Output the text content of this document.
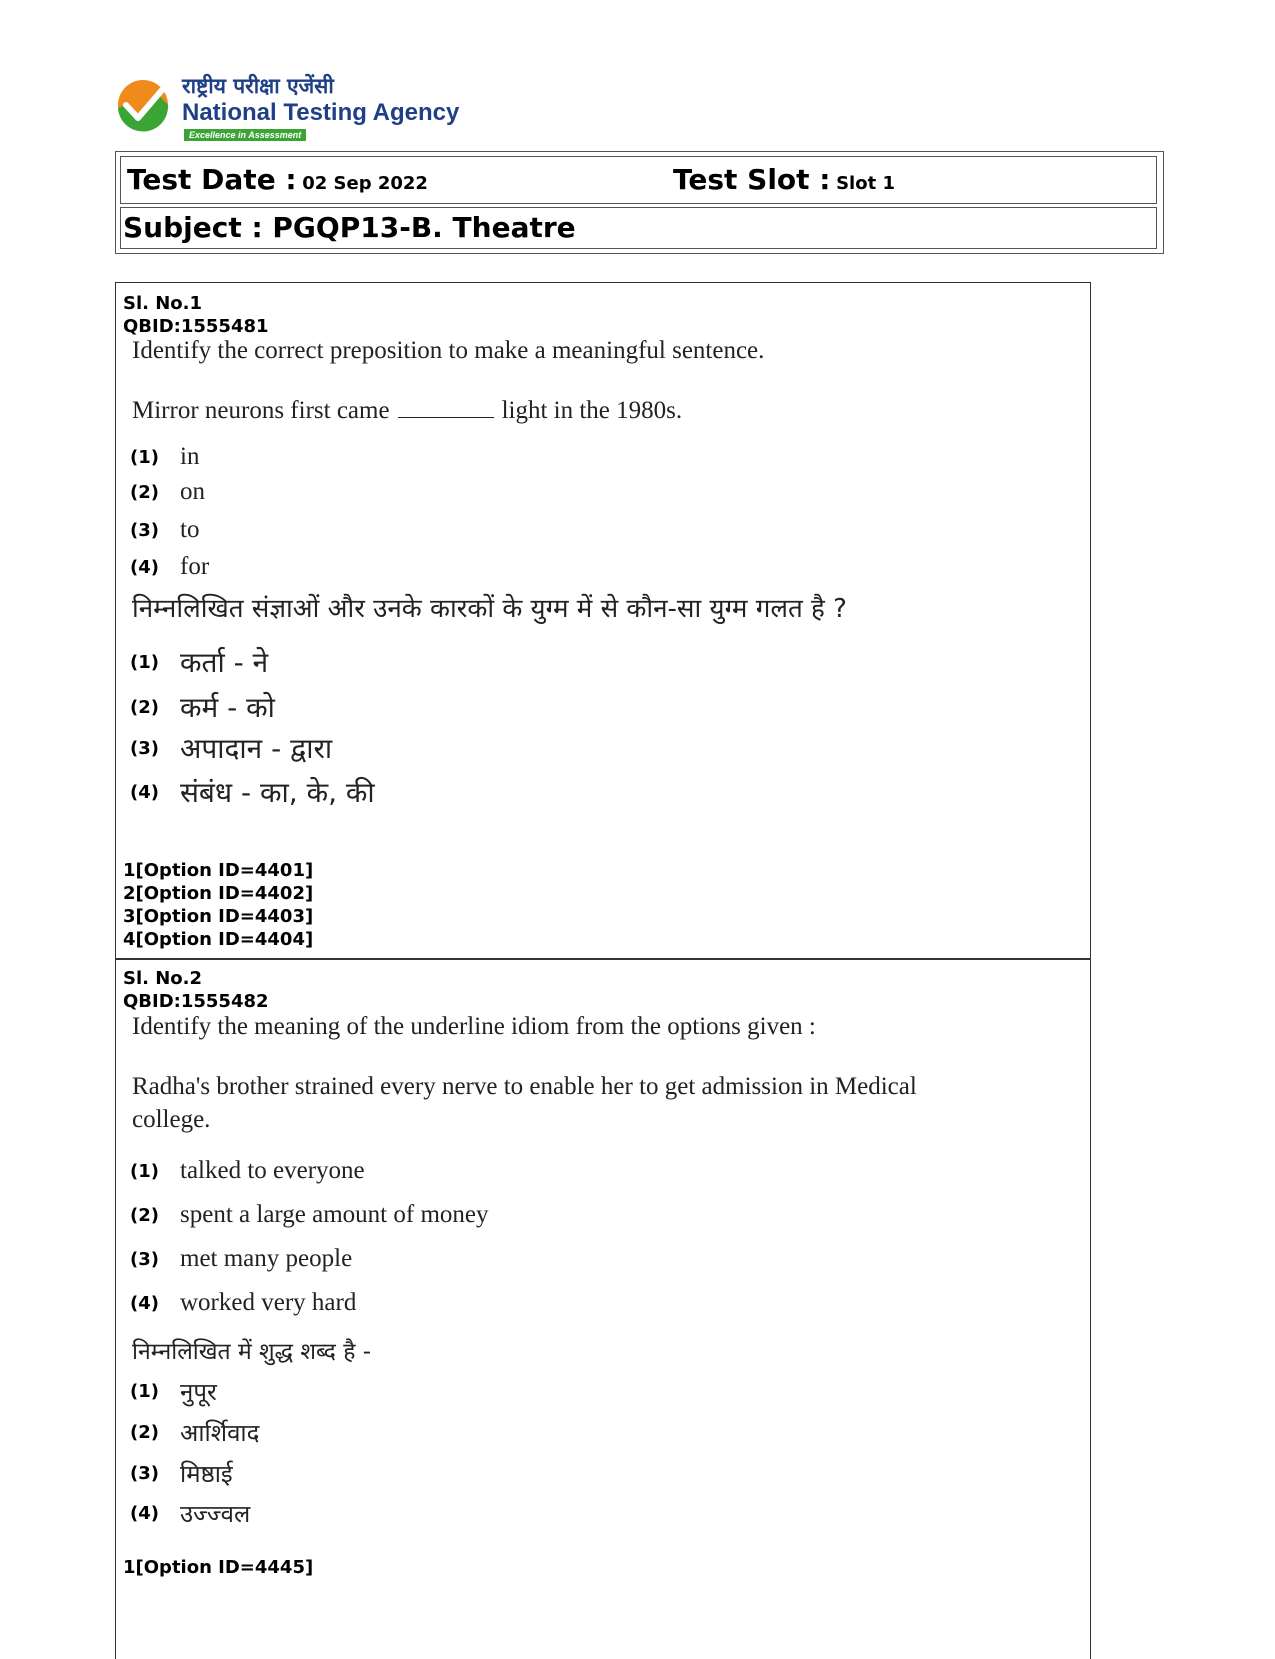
राष्ट्रीय परीक्षा एजेंसी
National Testing Agency
Excellence in Assessment
Test Date : 02 Sep 2022	Test Slot : Slot 1
Subject : PGQP13-B. Theatre
Sl. No.1
QBID:1555481
Identify the correct preposition to make a meaningful sentence.
Mirror neurons first came	light in the 1980s.
(1) in
(2) on
(3) to
(4) for
निम्नलिखित संज्ञाओं और उनके कारकों के युग्म में से कौन-सा युग्म गलत है ?
(1) कर्ता - ने
(2) कर्म - को
(3) अपादान - द्वारा
(4) संबंध - का, के, की
1[Option ID=4401]
2[Option ID=4402]
3[Option ID=4403]
4[Option ID=4404]
Sl. No.2
QBID:1555482
Identify the meaning of the underline idiom from the options given :
Radha's brother strained every nerve to enable her to get admission in Medical
college.
(1) talked to everyone
(2) spent a large amount of money
(3) met many people
(4) worked very hard
निम्नलिखित में शुद्ध शब्द है -
(1) नुपूर
(2) आर्शिवाद
(3) मिष्ठाई
(4) उज्ज्वल
1[Option ID=4445]
